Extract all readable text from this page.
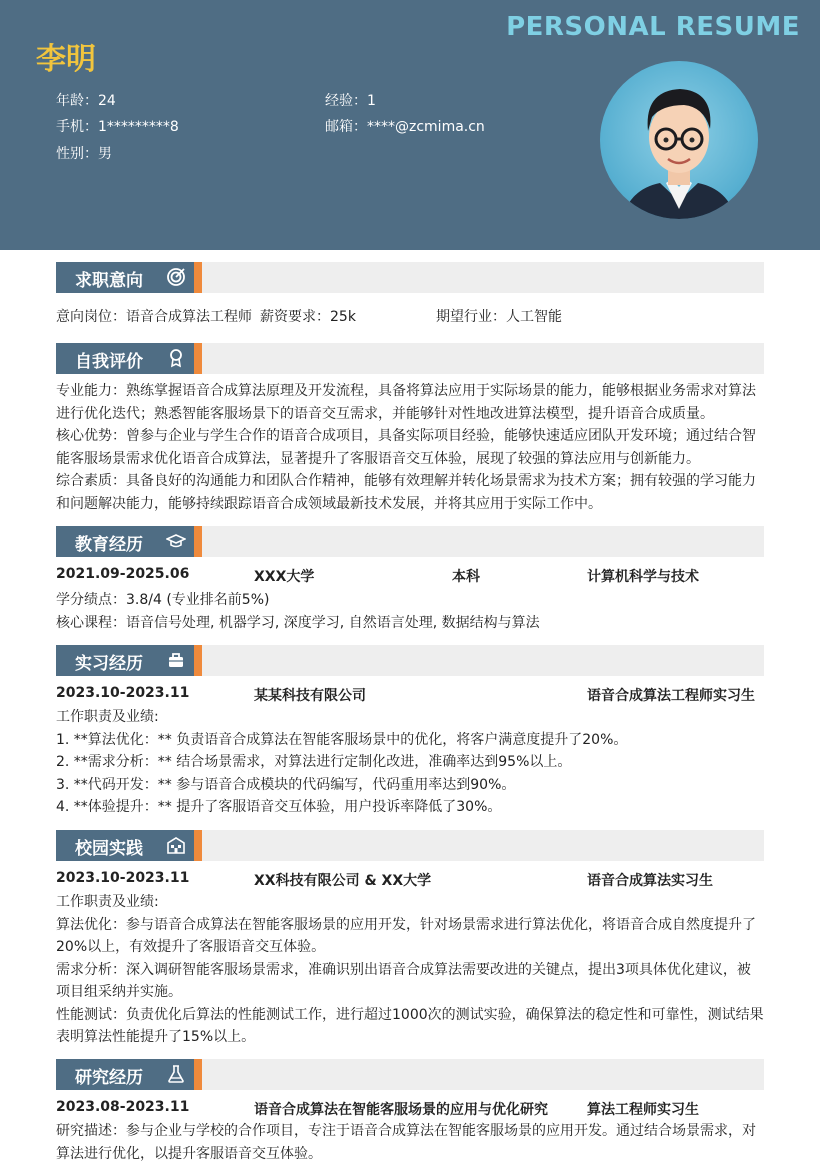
PERSONAL RESUME
李明
年龄：24	经验：1
手机：1*********8	邮箱：****@zcmima.cn
性别：男
求职意向
意向岗位：语音合成算法工程师 薪资要求：25k	期望行业：人工智能
自我评价
专业能力：熟练掌握语音合成算法原理及开发流程，具备将算法应用于实际场景的能力，能够根据业务需求对算法进行优化迭代；熟悉智能客服场景下的语音交互需求，并能够针对性地改进算法模型，提升语音合成质量。
核心优势：曾参与企业与学生合作的语音合成项目，具备实际项目经验，能够快速适应团队开发环境；通过结合智能客服场景需求优化语音合成算法，显著提升了客服语音交互体验，展现了较强的算法应用与创新能力。
综合素质：具备良好的沟通能力和团队合作精神，能够有效理解并转化场景需求为技术方案；拥有较强的学习能力和问题解决能力，能够持续跟踪语音合成领域最新技术发展，并将其应用于实际工作中。
教育经历
2021.09-2025.06	XXX大学	本科	计算机科学与技术
学分绩点：3.8/4 (专业排名前5%)
核心课程：语音信号处理, 机器学习, 深度学习, 自然语言处理, 数据结构与算法
实习经历
2023.10-2023.11	某某科技有限公司	语音合成算法工程师实习生
工作职责及业绩:
1. **算法优化：** 负责语音合成算法在智能客服场景中的优化，将客户满意度提升了20%。
2. **需求分析：** 结合场景需求，对算法进行定制化改进，准确率达到95%以上。
3. **代码开发：** 参与语音合成模块的代码编写，代码重用率达到90%。
4. **体验提升：** 提升了客服语音交互体验，用户投诉率降低了30%。
校园实践
2023.10-2023.11	XX科技有限公司 & XX大学	语音合成算法实习生
工作职责及业绩:
算法优化：参与语音合成算法在智能客服场景的应用开发，针对场景需求进行算法优化，将语音合成自然度提升了20%以上，有效提升了客服语音交互体验。
需求分析：深入调研智能客服场景需求，准确识别出语音合成算法需要改进的关键点，提出3项具体优化建议，被项目组采纳并实施。
性能测试：负责优化后算法的性能测试工作，进行超过1000次的测试实验，确保算法的稳定性和可靠性，测试结果表明算法性能提升了15%以上。
研究经历
2023.08-2023.11	语音合成算法在智能客服场景的应用与优化研究	算法工程师实习生
研究描述：参与企业与学校的合作项目，专注于语音合成算法在智能客服场景的应用开发。通过结合场景需求，对算法进行优化，以提升客服语音交互体验。
